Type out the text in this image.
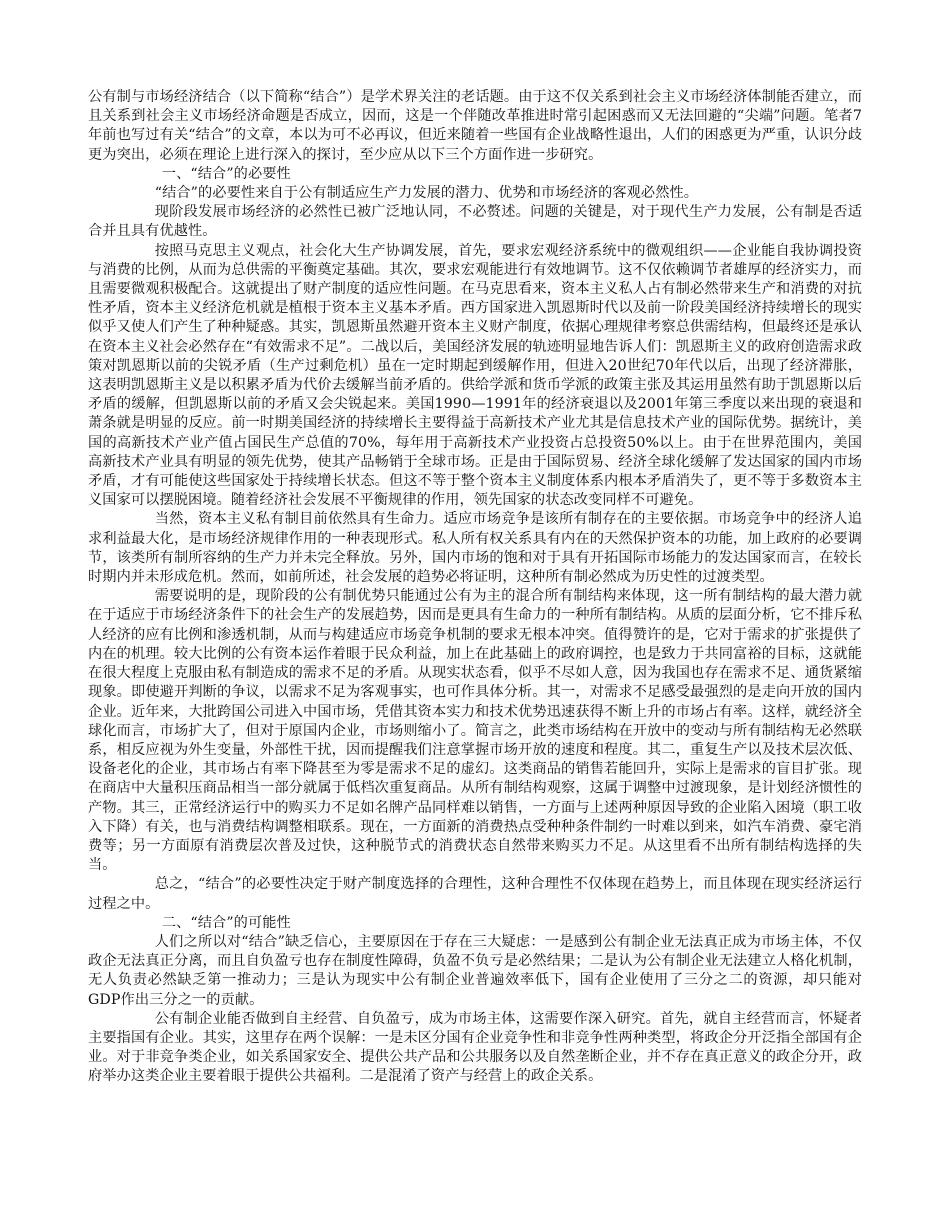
公有制与市场经济结合（以下简称“结合”）是学术界关注的老话题。由于这不仅关系到社会主义市场经济体制能否建立，而且关系到社会主义市场经济命题是否成立，因而，这是一个伴随改革推进时常引起困惑而又无法回避的“尖端”问题。笔者7年前也写过有关“结合”的文章，本以为可不必再议，但近来随着一些国有企业战略性退出，人们的困惑更为严重，认识分歧更为突出，必须在理论上进行深入的探讨，至少应从以下三个方面作进一步研究。

一、“结合”的必要性

“结合”的必要性来自于公有制适应生产力发展的潜力、优势和市场经济的客观必然性。

现阶段发展市场经济的必然性已被广泛地认同，不必赘述。问题的关键是，对于现代生产力发展，公有制是否适合并且具有优越性。

按照马克思主义观点，社会化大生产协调发展，首先，要求宏观经济系统中的微观组织——企业能自我协调投资与消费的比例，从而为总供需的平衡奠定基础。其次，要求宏观能进行有效地调节。这不仅依赖调节者雄厚的经济实力，而且需要微观积极配合。这就提出了财产制度的适应性问题。在马克思看来，资本主义私人占有制必然带来生产和消费的对抗性矛盾，资本主义经济危机就是植根于资本主义基本矛盾。西方国家进入凯恩斯时代以及前一阶段美国经济持续增长的现实似乎又使人们产生了种种疑惑。其实，凯恩斯虽然避开资本主义财产制度，依据心理规律考察总供需结构，但最终还是承认在资本主义社会必然存在“有效需求不足”。二战以后，美国经济发展的轨迹明显地告诉人们：凯恩斯主义的政府创造需求政策对凯恩斯以前的尖锐矛盾（生产过剩危机）虽在一定时期起到缓解作用，但进入20世纪70年代以后，出现了经济滞胀，这表明凯恩斯主义是以积累矛盾为代价去缓解当前矛盾的。供给学派和货币学派的政策主张及其运用虽然有助于凯恩斯以后矛盾的缓解，但凯恩斯以前的矛盾又会尖锐起来。美国1990—1991年的经济衰退以及2001年第三季度以来出现的衰退和萧条就是明显的反应。前一时期美国经济的持续增长主要得益于高新技术产业尤其是信息技术产业的国际优势。据统计，美国的高新技术产业产值占国民生产总值的70%，每年用于高新技术产业投资占总投资50%以上。由于在世界范围内，美国高新技术产业具有明显的领先优势，使其产品畅销于全球市场。正是由于国际贸易、经济全球化缓解了发达国家的国内市场矛盾，才有可能使这些国家处于持续增长状态。但这不等于整个资本主义制度体系内根本矛盾消失了，更不等于多数资本主义国家可以摆脱困境。随着经济社会发展不平衡规律的作用，领先国家的状态改变同样不可避免。

当然，资本主义私有制目前依然具有生命力。适应市场竞争是该所有制存在的主要依据。市场竞争中的经济人追求利益最大化，是市场经济规律作用的一种表现形式。私人所有权关系具有内在的天然保护资本的功能，加上政府的必要调节，该类所有制所容纳的生产力并未完全释放。另外，国内市场的饱和对于具有开拓国际市场能力的发达国家而言，在较长时期内并未形成危机。然而，如前所述，社会发展的趋势必将证明，这种所有制必然成为历史性的过渡类型。

需要说明的是，现阶段的公有制优势只能通过公有为主的混合所有制结构来体现，这一所有制结构的最大潜力就在于适应于市场经济条件下的社会生产的发展趋势，因而是更具有生命力的一种所有制结构。从质的层面分析，它不排斥私人经济的应有比例和渗透机制，从而与构建适应市场竞争机制的要求无根本冲突。值得赞许的是，它对于需求的扩张提供了内在的机理。较大比例的公有资本运作着眼于民众利益，加上在此基础上的政府调控，也是致力于共同富裕的目标，这就能在很大程度上克服由私有制造成的需求不足的矛盾。从现实状态看，似乎不尽如人意，因为我国也存在需求不足、通货紧缩现象。即使避开判断的争议，以需求不足为客观事实，也可作具体分析。其一，对需求不足感受最强烈的是走向开放的国内企业。近年来，大批跨国公司进入中国市场，凭借其资本实力和技术优势迅速获得不断上升的市场占有率。这样，就经济全球化而言，市场扩大了，但对于原国内企业，市场则缩小了。简言之，此类市场结构在开放中的变动与所有制结构无必然联系，相反应视为外生变量，外部性干扰，因而提醒我们注意掌握市场开放的速度和程度。其二，重复生产以及技术层次低、设备老化的企业，其市场占有率下降甚至为零是需求不足的虚幻。这类商品的销售若能回升，实际上是需求的盲目扩张。现在商店中大量积压商品相当一部分就属于低档次重复商品。从所有制结构观察，这属于调整中过渡现象，是计划经济惯性的产物。其三，正常经济运行中的购买力不足如名牌产品同样难以销售，一方面与上述两种原因导致的企业陷入困境（职工收入下降）有关，也与消费结构调整相联系。现在，一方面新的消费热点受种种条件制约一时难以到来，如汽车消费、豪宅消费等；另一方面原有消费层次普及过快，这种脱节式的消费状态自然带来购买力不足。从这里看不出所有制结构选择的失当。

总之，“结合”的必要性决定于财产制度选择的合理性，这种合理性不仅体现在趋势上，而且体现在现实经济运行过程之中。

二、“结合”的可能性

人们之所以对“结合”缺乏信心，主要原因在于存在三大疑虑：一是感到公有制企业无法真正成为市场主体，不仅政企无法真正分离，而且自负盈亏也存在制度性障碍，负盈不负亏是必然结果；二是认为公有制企业无法建立人格化机制，无人负责必然缺乏第一推动力；三是认为现实中公有制企业普遍效率低下，国有企业使用了三分之二的资源，却只能对GDP作出三分之一的贡献。

公有制企业能否做到自主经营、自负盈亏，成为市场主体，这需要作深入研究。首先，就自主经营而言，怀疑者主要指国有企业。其实，这里存在两个误解：一是未区分国有企业竞争性和非竞争性两种类型，将政企分开泛指全部国有企业。对于非竞争类企业，如关系国家安全、提供公共产品和公共服务以及自然垄断企业，并不存在真正意义的政企分开，政府举办这类企业主要着眼于提供公共福利。二是混淆了资产与经营上的政企关系。
